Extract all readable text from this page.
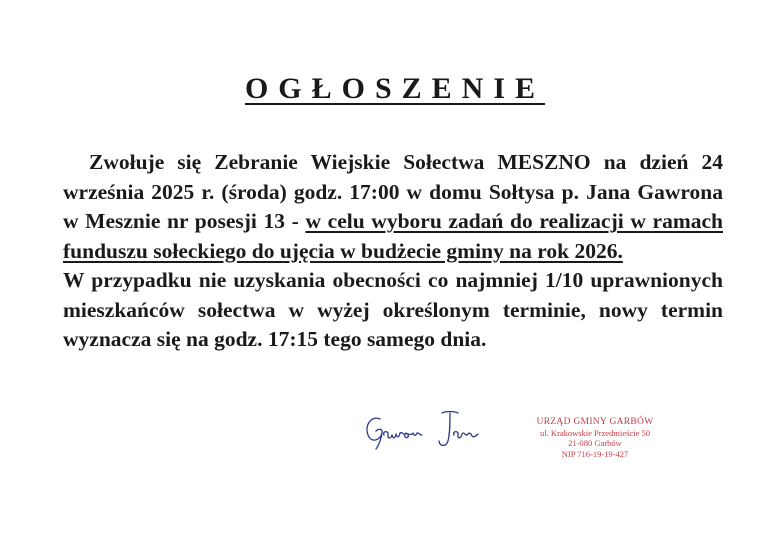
OGŁOSZENIE

Zwołuje się Zebranie Wiejskie Sołectwa MESZNO na dzień 24 września 2025 r. (środa) godz. 17:00 w domu Sołtysa p. Jana Gawrona w Mesznie nr posesji 13 - w celu wyboru zadań do realizacji w ramach funduszu sołeckiego do ujęcia w budżecie gminy na rok 2026.

W przypadku nie uzyskania obecności co najmniej 1/10 uprawnionych mieszkańców sołectwa w wyżej określonym terminie, nowy termin wyznacza się na godz. 17:15 tego samego dnia.

URZĄD GMINY GARBÓW
ul. Krakowskie Przedmieście 50
21-080 Garbów
NIP 716-19-19-427
